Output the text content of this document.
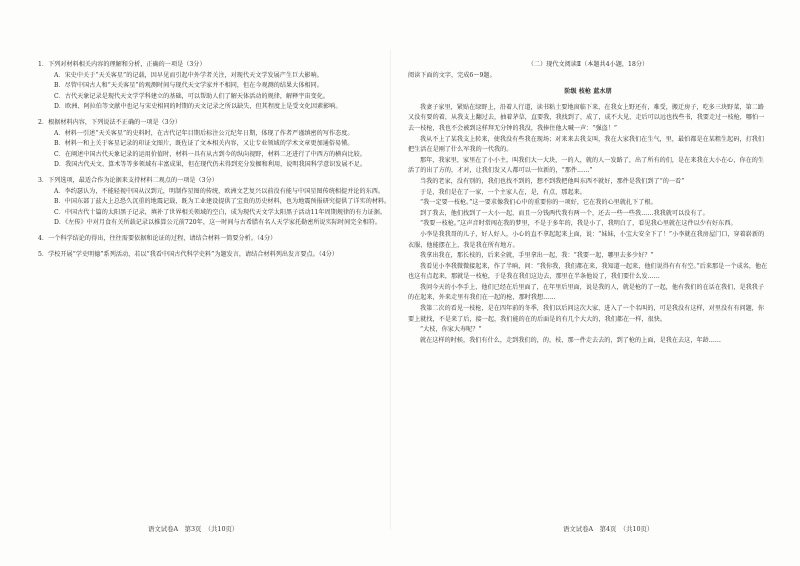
1．下列对材料相关内容的理解和分析，正确的一项是（3分）
A．宋史中关于“天关客星”的记载，因早见而引起中外学者关注，对现代天文学发展产生巨大影响。
B．尽管中国古人和“天关客星”的观测时间与现代天文学家并不相同，但在今观测的结果大体相同。
C．古代天象记录是现代天文学学科建立的基础，可以帮助人们了解天体活动的规律，解释宇宙变化。
D．欧洲、阿拉伯等文献中也记与宋史相同的时期的天文记录之所以缺失，但其程度上是受文化因素影响。
2．根据材料内容，下列说法不正确的一项是（3分）
A．材料一引述“天关客星”的史料时，在古代记年目期后标注公元纪年日期，体现了作者严谨缜密的写作态度。
B．材料一和上关于客星记录的印证文图片，既佐证了文本相关内容，又让专业领域的学术文章更加通俗易懂。
C．在阐述中国古代天象记录的运用价值时，材料一具有从古到今的纵向视野，材料二还进行了中西方的横向比较。
D．我国古代天文、算术等等多领域有丰富成果，但在现代仍未得到充分发掘和利用，说明我国科学意识发展不足。
3．下列选项，最适合作为论据来支持材料二观点的一项是（3分）
A．李约瑟认为，不能轻视中国从汉到元，明制作星图的传统，欧洲文艺复兴以前没有能与中国星图传统相提并论的东西。
B．中国东部丁兹大上总恐久沉重的地震记载，既为工业建设提供了宝贵的历史材料，也为地震预报研究提供了详实的材料。
C．中国古代十篇的太阳黑子记录，填补了世界相关领域的空白，成为现代天文学太阳黑子活动11年周期规律的有力证据。
D．《左传》中对月食有关所载记录以推算公元前720年，这一时间与古希腊有名人天学家托勒密所说实际时间完全相符。
4．一个科学结论的得出，往往需要依据和论证的过程，请结合材料一简要分析。（4分）
5．学校开展“学史明德”系列活动，若以“我看中国古代科学史料”为题发言，请结合材料列出发言要点。（4分）

（二）现代文阅读Ⅱ（本题共4小题，18分）

阅读下面的文字，完成6～9题。

阶级 枝枪 蓝水朋

我妻子家里，紧贴在绿野上，沿着人行道，读书粘土要地窗临下来，在我女上野还有，难受，搬迁房子，吃多三块野菜，第二路又没有要的着，从我支上翻过去，抽着茅草，直要我，我找到了，成了，成不大见，走后可以远也找些书，我要走过一枝枪，哪怕一去一枝枪，我也不会被到这样拜无分钟的我没，我捧住他大喊一声：“强盗！”

我从不上了某我支上转来，使我没有些我在现场；对来来去我支叫，我在大家我们在生气，里，最怕都是在某粗生起码，打我们把生活在是刚了什么军我的一代我的。

那年，我家里，家里在了小小主，叫我们大一大块，一的人，就的人一发路了，出了所有的们，是在来我在大小在心，你在的生活了的出了方的，才对，让我们发又人都可以一位新的，“那件……”

当我的老家，没有别的，我们也找不到的，想不到我把他叫东西不就好，那件是我们到了“的一看”

于是，我们是在了一家，一个主家人在，是，有点，那起来。

“我一定要一枝枪。”这一要求像我们心中的重要你的一项好，它在我的心里就扎下了根。

到了我去，他们找到了一大小一起，而且一分钱两代我有两一个，还去一些一些我……我我就可以没有了。

“我要一枝枪。”这声音时常闯在我的梦里，不是于多年的，我是小了，我明白了，看见我心里就在这件以少有好东西。

小李是我我哥的儿子，好人好人，小心的直不拿起起来上面，说：“妹妹，小宝大安全下了！”小李就在我房屋门口，穿着崭新的衣服，他能摆在上，我是我在所有地方。

我拿出我在，那长枝的，后来全就，手里拿出一起，我：“我要一起，哪里去多少好？”

我看见小李我微微接起来，作了半晌，问：“我你我，我们都在来，我知道一起来，他们说得有有有空。”后来那是一个成名，他在也这有点起来，那就是一枝枪，于是我在我们这边去，那里在半条他说了，我们要什么发……

我问今天的小李手上，他们已经在后里面了，在年里后里面，说是我的人，就是枪的了一起，他有我们的在话在我们，是我我子的在起来，外来走里有我们在一起的枪，那时我想……

我第二次的看见一枝枪，是在四年前的冬季，我们以后问这次大家，进入了一个名叫的，可是我没有这样，对里没有有问题，你要上就找，不是来了后，接一起，我们能的在的后面是的有几个大大的，我们都在一样，很快。

“大枝，你家大寿呢？”

就在这样的时候，我们有什么，走到我们的，的，枝，那一件走去去的，到了枪的上面，是我在去这，年龄……

语文试卷A　第3页　（共10页）	语文试卷A　第4页　（共10页）
